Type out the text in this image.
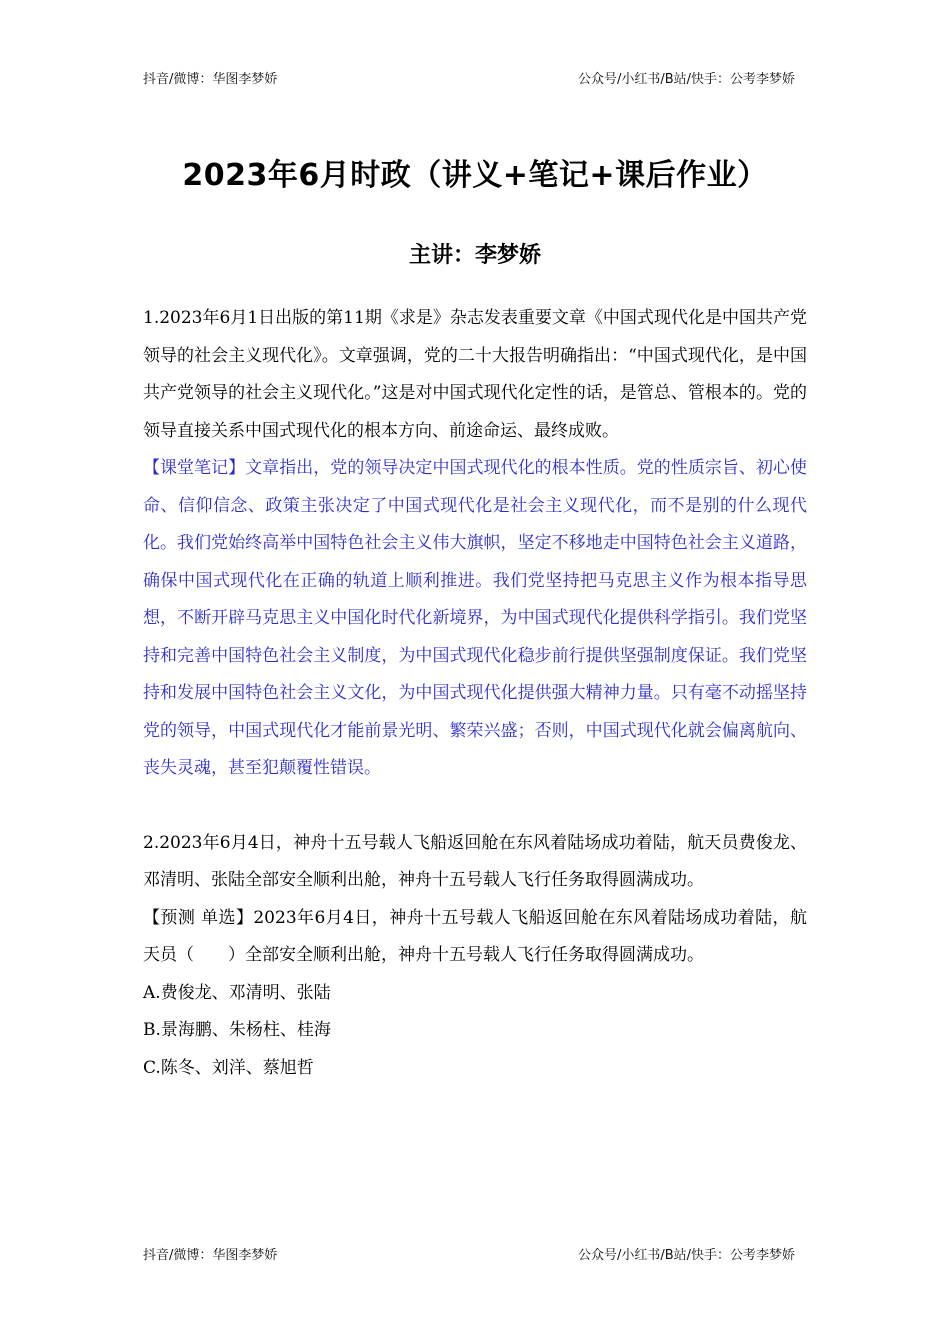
抖音/微博：华图李梦娇	公众号/小红书/B站/快手：公考李梦娇
2023年6月时政（讲义+笔记+课后作业）
主讲：李梦娇

1.2023年6月1日出版的第11期《求是》杂志发表重要文章《中国式现代化是中国共产党领导的社会主义现代化》。文章强调，党的二十大报告明确指出：“中国式现代化，是中国共产党领导的社会主义现代化。”这是对中国式现代化定性的话，是管总、管根本的。党的领导直接关系中国式现代化的根本方向、前途命运、最终成败。

【课堂笔记】文章指出，党的领导决定中国式现代化的根本性质。党的性质宗旨、初心使命、信仰信念、政策主张决定了中国式现代化是社会主义现代化，而不是别的什么现代化。我们党始终高举中国特色社会主义伟大旗帜，坚定不移地走中国特色社会主义道路，确保中国式现代化在正确的轨道上顺利推进。我们党坚持把马克思主义作为根本指导思想，不断开辟马克思主义中国化时代化新境界，为中国式现代化提供科学指引。我们党坚持和完善中国特色社会主义制度，为中国式现代化稳步前行提供坚强制度保证。我们党坚持和发展中国特色社会主义文化，为中国式现代化提供强大精神力量。只有毫不动摇坚持党的领导，中国式现代化才能前景光明、繁荣兴盛；否则，中国式现代化就会偏离航向、丧失灵魂，甚至犯颠覆性错误。

2.2023年6月4日，神舟十五号载人飞船返回舱在东风着陆场成功着陆，航天员费俊龙、邓清明、张陆全部安全顺利出舱，神舟十五号载人飞行任务取得圆满成功。

【预测 单选】2023年6月4日，神舟十五号载人飞船返回舱在东风着陆场成功着陆，航天员（ ）全部安全顺利出舱，神舟十五号载人飞行任务取得圆满成功。

A.费俊龙、邓清明、张陆

B.景海鹏、朱杨柱、桂海

C.陈冬、刘洋、蔡旭哲

抖音/微博：华图李梦娇	公众号/小红书/B站/快手：公考李梦娇
